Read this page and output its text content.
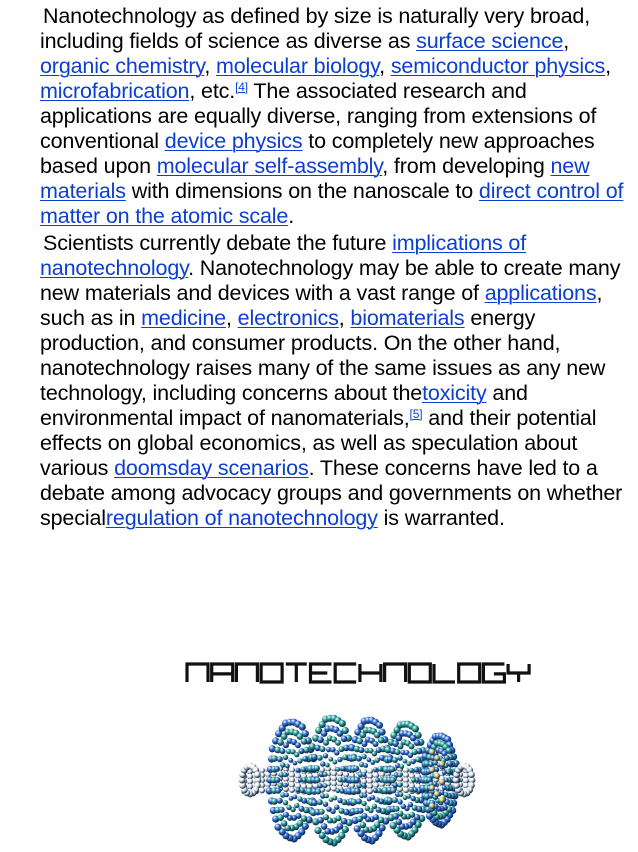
Nanotechnology as defined by size is naturally very broad, including fields of science as diverse as surface science, organic chemistry, molecular biology, semiconductor physics, microfabrication, etc.[4] The associated research and applications are equally diverse, ranging from extensions of conventional device physics to completely new approaches based upon molecular self-assembly, from developing new materials with dimensions on the nanoscale to direct control of matter on the atomic scale.

Scientists currently debate the future implications of nanotechnology. Nanotechnology may be able to create many new materials and devices with a vast range of applications, such as in medicine, electronics, biomaterials energy production, and consumer products. On the other hand, nanotechnology raises many of the same issues as any new technology, including concerns about thetoxicity and environmental impact of nanomaterials,[5] and their potential effects on global economics, as well as speculation about various doomsday scenarios. These concerns have led to a debate among advocacy groups and governments on whether specialregulation of nanotechnology is warranted.
